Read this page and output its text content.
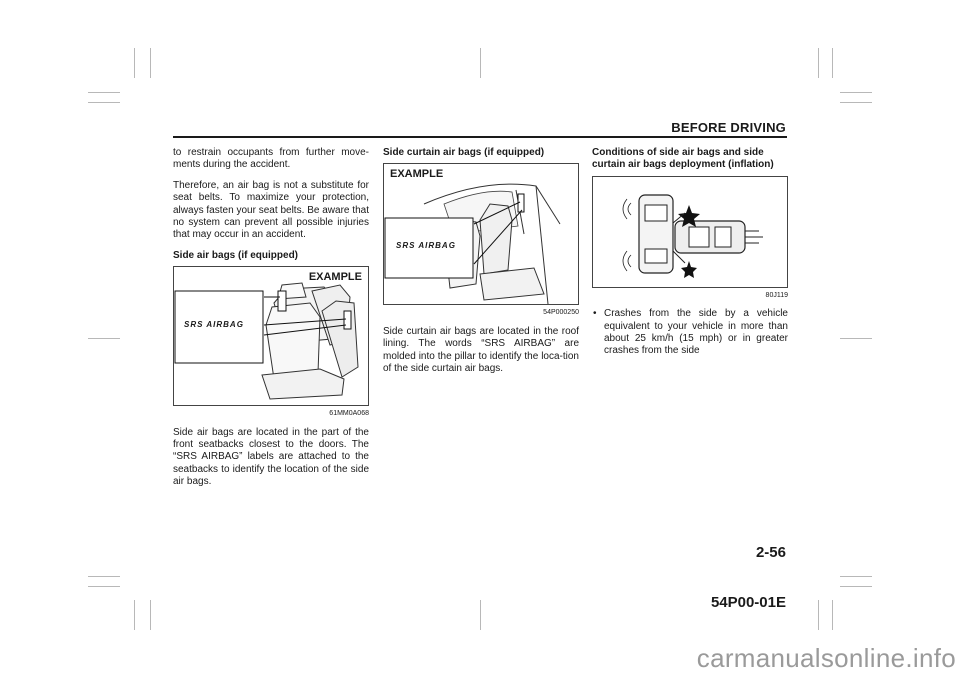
BEFORE DRIVING

to restrain occupants from further move-ments during the accident.

Therefore, an air bag is not a substitute for seat belts. To maximize your protection, always fasten your seat belts. Be aware that no system can prevent all possible injuries that may occur in an accident.

Side air bags (if equipped)

EXAMPLE
SRS AIRBAG
61MM0A068

Side air bags are located in the part of the front seatbacks closest to the doors. The “SRS AIRBAG” labels are attached to the seatbacks to identify the location of the side air bags.

Side curtain air bags (if equipped)

EXAMPLE
SRS AIRBAG
54P000250

Side curtain air bags are located in the roof lining. The words “SRS AIRBAG” are molded into the pillar to identify the loca-tion of the side curtain air bags.

Conditions of side air bags and side curtain air bags deployment (inflation)

80J119

• Crashes from the side by a vehicle equivalent to your vehicle in more than about 25 km/h (15 mph) or in greater crashes from the side

2-56
54P00-01E
carmanualsonline.info
